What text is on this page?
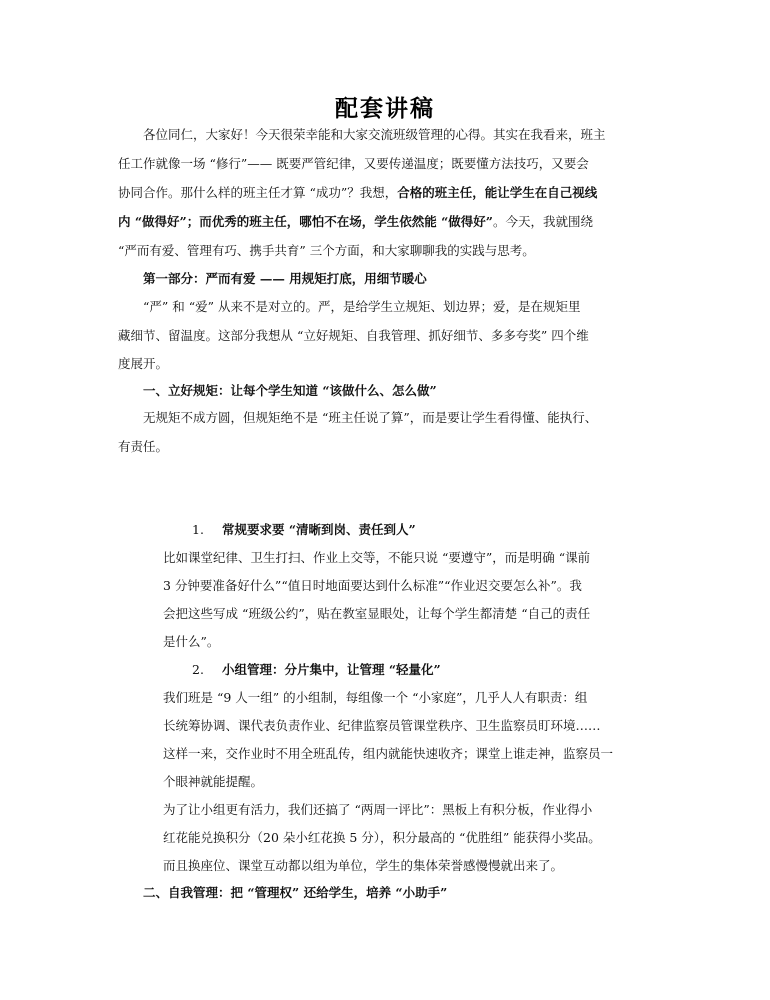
配套讲稿
各位同仁，大家好！今天很荣幸能和大家交流班级管理的心得。其实在我看来，班主
任工作就像一场 “修行”—— 既要严管纪律，又要传递温度；既要懂方法技巧，又要会
协同合作。那什么样的班主任才算 “成功”？我想，合格的班主任，能让学生在自己视线
内 “做得好”；而优秀的班主任，哪怕不在场，学生依然能 “做得好”。今天，我就围绕
“严而有爱、管理有巧、携手共育” 三个方面，和大家聊聊我的实践与思考。
第一部分：严而有爱 —— 用规矩打底，用细节暖心
“严” 和 “爱” 从来不是对立的。严，是给学生立规矩、划边界；爱，是在规矩里
藏细节、留温度。这部分我想从 “立好规矩、自我管理、抓好细节、多多夸奖” 四个维
度展开。
一、立好规矩：让每个学生知道 “该做什么、怎么做”
无规矩不成方圆，但规矩绝不是 “班主任说了算”，而是要让学生看得懂、能执行、
有责任。
1. 常规要求要 “清晰到岗、责任到人”
比如课堂纪律、卫生打扫、作业上交等，不能只说 “要遵守”，而是明确 “课前
3 分钟要准备好什么”“值日时地面要达到什么标准”“作业迟交要怎么补”。我
会把这些写成 “班级公约”，贴在教室显眼处，让每个学生都清楚 “自己的责任
是什么”。
2. 小组管理：分片集中，让管理 “轻量化”
我们班是 “9 人一组” 的小组制，每组像一个 “小家庭”，几乎人人有职责：组
长统筹协调、课代表负责作业、纪律监察员管课堂秩序、卫生监察员盯环境……
这样一来，交作业时不用全班乱传，组内就能快速收齐；课堂上谁走神，监察员一
个眼神就能提醒。
为了让小组更有活力，我们还搞了 “两周一评比”：黑板上有积分板，作业得小
红花能兑换积分（20 朵小红花换 5 分），积分最高的 “优胜组” 能获得小奖品。
而且换座位、课堂互动都以组为单位，学生的集体荣誉感慢慢就出来了。
二、自我管理：把 “管理权” 还给学生，培养 “小助手”
